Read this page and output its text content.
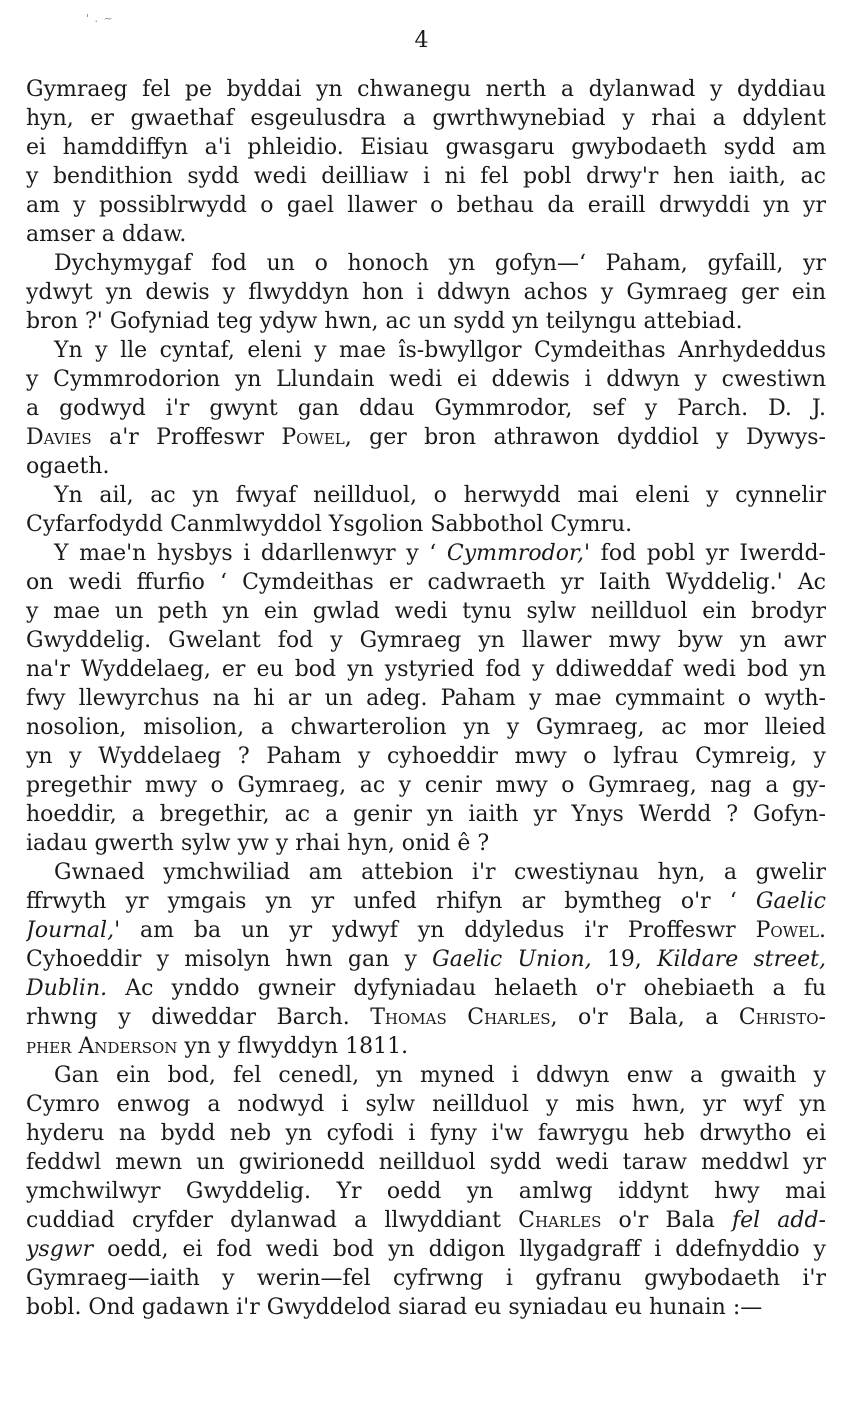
' . ~
4
Gymraeg fel pe byddai yn chwanegu nerth a dylanwad y dyddiau
hyn, er gwaethaf esgeulusdra a gwrthwynebiad y rhai a ddylent
ei hamddiffyn a'i phleidio. Eisiau gwasgaru gwybodaeth sydd am
y bendithion sydd wedi deilliaw i ni fel pobl drwy'r hen iaith, ac
am y possiblrwydd o gael llawer o bethau da eraill drwyddi yn yr
amser a ddaw.
Dychymygaf fod un o honoch yn gofyn—‘ Paham, gyfaill, yr
ydwyt yn dewis y flwyddyn hon i ddwyn achos y Gymraeg ger ein
bron ?' Gofyniad teg ydyw hwn, ac un sydd yn teilyngu attebiad.
Yn y lle cyntaf, eleni y mae îs-bwyllgor Cymdeithas Anrhydeddus
y Cymmrodorion yn Llundain wedi ei ddewis i ddwyn y cwestiwn
a godwyd i'r gwynt gan ddau Gymmrodor, sef y Parch. D. J.
Davies a'r Proffeswr Powel, ger bron athrawon dyddiol y Dywys-
ogaeth.
Yn ail, ac yn fwyaf neillduol, o herwydd mai eleni y cynnelir
Cyfarfodydd Canmlwyddol Ysgolion Sabbothol Cymru.
Y mae'n hysbys i ddarllenwyr y ‘ Cymmrodor,' fod pobl yr Iwerdd-
on wedi ffurfio ‘ Cymdeithas er cadwraeth yr Iaith Wyddelig.' Ac
y mae un peth yn ein gwlad wedi tynu sylw neillduol ein brodyr
Gwyddelig. Gwelant fod y Gymraeg yn llawer mwy byw yn awr
na'r Wyddelaeg, er eu bod yn ystyried fod y ddiweddaf wedi bod yn
fwy llewyrchus na hi ar un adeg. Paham y mae cymmaint o wyth-
nosolion, misolion, a chwarterolion yn y Gymraeg, ac mor lleied
yn y Wyddelaeg ? Paham y cyhoeddir mwy o lyfrau Cymreig, y
pregethir mwy o Gymraeg, ac y cenir mwy o Gymraeg, nag a gy-
hoeddir, a bregethir, ac a genir yn iaith yr Ynys Werdd ? Gofyn-
iadau gwerth sylw yw y rhai hyn, onid ê ?
Gwnaed ymchwiliad am attebion i'r cwestiynau hyn, a gwelir
ffrwyth yr ymgais yn yr unfed rhifyn ar bymtheg o'r ‘ Gaelic
Journal,' am ba un yr ydwyf yn ddyledus i'r Proffeswr Powel.
Cyhoeddir y misolyn hwn gan y Gaelic Union, 19, Kildare street,
Dublin. Ac ynddo gwneir dyfyniadau helaeth o'r ohebiaeth a fu
rhwng y diweddar Barch. Thomas Charles, o'r Bala, a Christo-
pher Anderson yn y flwyddyn 1811.
Gan ein bod, fel cenedl, yn myned i ddwyn enw a gwaith y
Cymro enwog a nodwyd i sylw neillduol y mis hwn, yr wyf yn
hyderu na bydd neb yn cyfodi i fyny i'w fawrygu heb drwytho ei
feddwl mewn un gwirionedd neillduol sydd wedi taraw meddwl yr
ymchwilwyr Gwyddelig. Yr oedd yn amlwg iddynt hwy mai
cuddiad cryfder dylanwad a llwyddiant Charles o'r Bala fel add-
ysgwr oedd, ei fod wedi bod yn ddigon llygadgraff i ddefnyddio y
Gymraeg—iaith y werin—fel cyfrwng i gyfranu gwybodaeth i'r
bobl. Ond gadawn i'r Gwyddelod siarad eu syniadau eu hunain :—
